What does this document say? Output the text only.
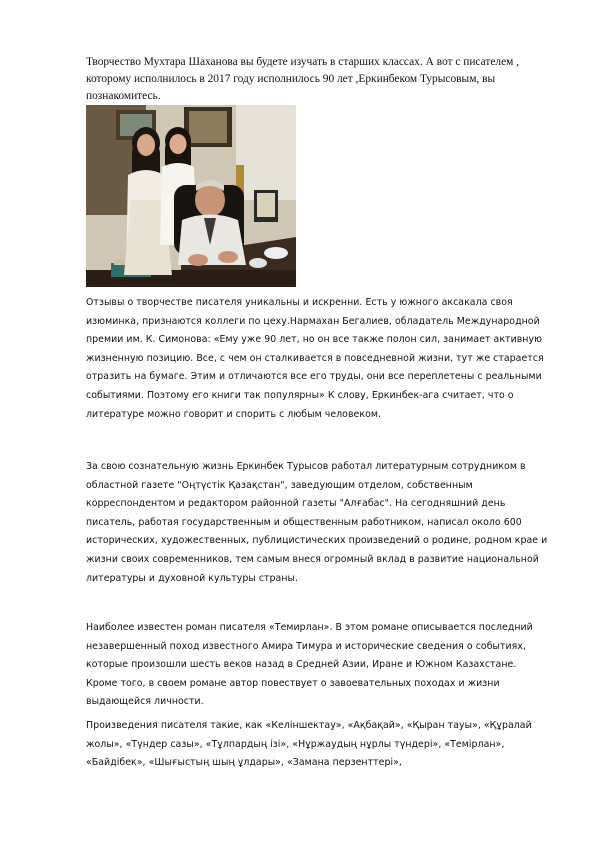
Творчество Мухтара Шаханова вы будете изучать в старших классах. А вот с писателем , которому исполнилось в 2017 году исполнилось 90 лет ,Еркинбеком Турысовым, вы познакомитесь.

Отзывы о творчестве писателя уникальны и искренни. Есть у южного аксакала своя изюминка, признаются коллеги по цеху.Нармахан Бегалиев, обладатель Международной премии им. К. Симонова: «Ему уже 90 лет, но он все также полон сил, занимает активную жизненную позицию. Все, с чем он сталкивается в повседневной жизни, тут же старается отразить на бумаге. Этим и отличаются все его труды, они все переплетены с реальными событиями. Поэтому его книги так популярны» К слову, Еркинбек-ага считает, что о литературе можно говорит и спорить с любым человеком.

За свою сознательную жизнь Еркинбек Турысов работал литературным сотрудником в областной газете "Оңтүстік Қазақстан", заведующим отделом, собственным корреспондентом и редактором районной газеты "Алғабас". На сегодняшний день писатель, работая государственным и общественным работником, написал около 600 исторических, художественных, публицистических произведений о родине, родном крае и жизни своих современников, тем самым внеся огромный вклад в развитие национальной литературы и духовной культуры страны.

Наиболее известен роман писателя «Темирлан». В этом романе описывается последний незавершенный поход известного Амира Тимура и исторические сведения о событиях, которые произошли шесть веков назад в Средней Азии, Иране и Южном Казахстане. Кроме того, в своем романе автор повествует о завоевательных походах и жизни выдающейся личности.

Произведения писателя такие, как «Келіншектау», «Ақбақай», «Қыран тауы», «Құралай жолы», «Түндер сазы», «Тұлпардың ізі», «Нұржаудың нұрлы түндері», «Темірлан», «Байдібек», «Шығыстың шың ұлдары», «Замана перзенттері»,
